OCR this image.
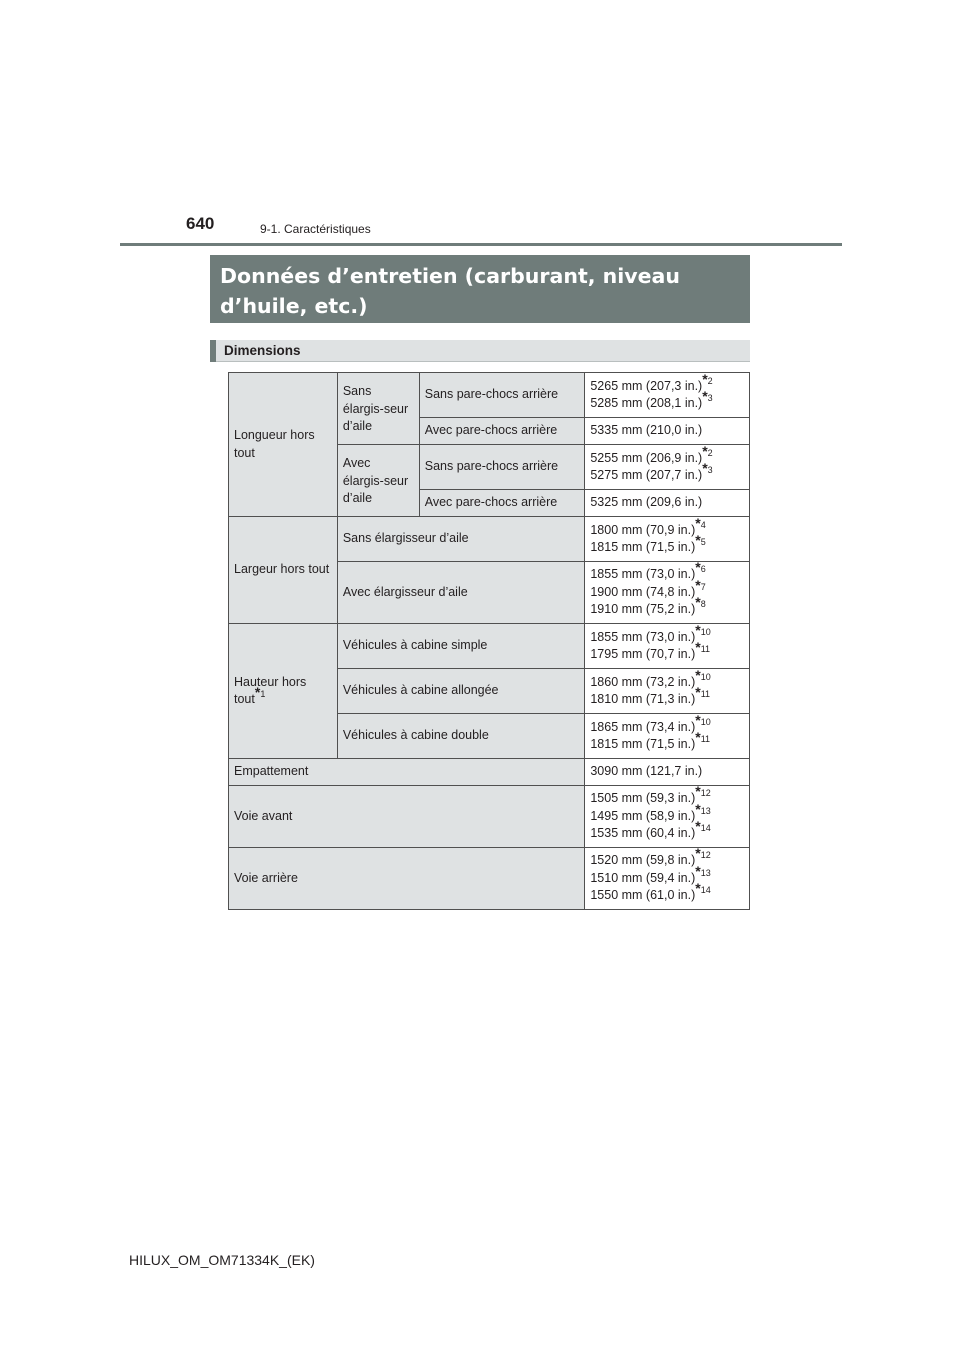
640	9-1. Caractéristiques
Données d’entretien (carburant, niveau d’huile, etc.)
Dimensions
Longueur hors tout	Sans élargis-seur d’aile	Sans pare-chocs arrière	5265 mm (207,3 in.)$^{*2}$
5285 mm (208,1 in.)$^{*3}$
		Avec pare-chocs arrière	5335 mm (210,0 in.)
	Avec élargis-seur d’aile	Sans pare-chocs arrière	5255 mm (206,9 in.)$^{*2}$
5275 mm (207,7 in.)$^{*3}$
		Avec pare-chocs arrière	5325 mm (209,6 in.)
Largeur hors tout	Sans élargisseur d’aile		1800 mm (70,9 in.)$^{*4}$
1815 mm (71,5 in.)$^{*5}$
	Avec élargisseur d’aile		1855 mm (73,0 in.)$^{*6}$
1900 mm (74,8 in.)$^{*7}$
1910 mm (75,2 in.)$^{*8}$
Hauteur hors tout$^{*1}$	Véhicules à cabine simple		1855 mm (73,0 in.)$^{*10}$
1795 mm (70,7 in.)$^{*11}$
	Véhicules à cabine allongée		1860 mm (73,2 in.)$^{*10}$
1810 mm (71,3 in.)$^{*11}$
	Véhicules à cabine double		1865 mm (73,4 in.)$^{*10}$
1815 mm (71,5 in.)$^{*11}$
Empattement			3090 mm (121,7 in.)
Voie avant			1505 mm (59,3 in.)$^{*12}$
1495 mm (58,9 in.)$^{*13}$
1535 mm (60,4 in.)$^{*14}$
Voie arrière			1520 mm (59,8 in.)$^{*12}$
1510 mm (59,4 in.)$^{*13}$
1550 mm (61,0 in.)$^{*14}$
HILUX_OM_OM71334K_(EK)
